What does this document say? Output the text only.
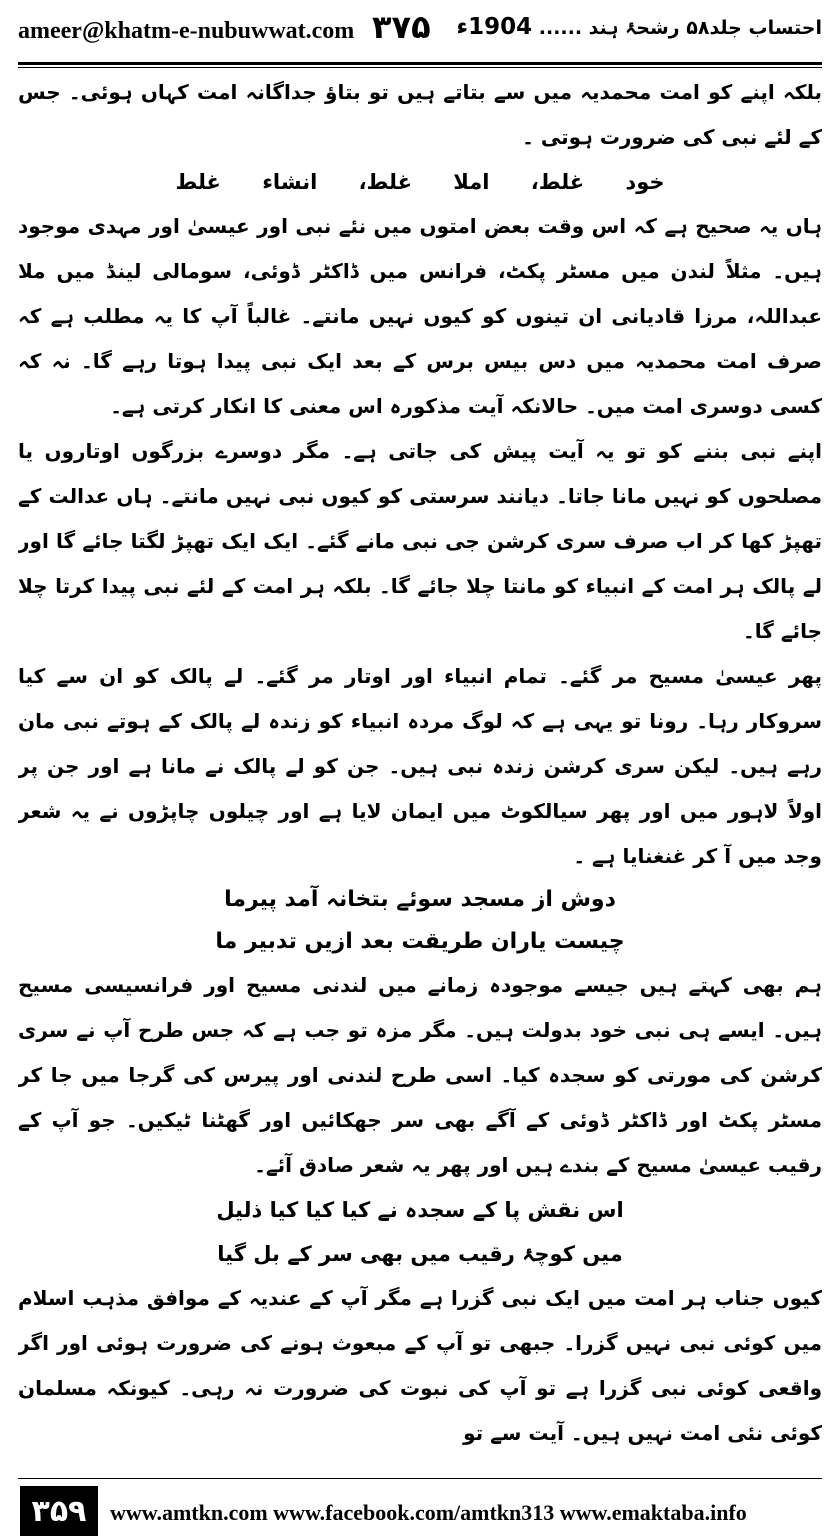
ameer@khatm-e-nubuwwat.com ۳۷۵	احتساب جلد۵۸ رشحۂ ہند ...... 1904ء

بلکہ اپنے کو امت محمدیہ میں سے بتاتے ہیں تو بتاؤ جداگانہ امت کہاں ہوئی۔ جس کے لئے نبی کی ضرورت ہوتی ۔

خود غلط، املا غلط، انشاء غلط

ہاں یہ صحیح ہے کہ اس وقت بعض امتوں میں نئے نبی اور عیسیٰ اور مہدی موجود ہیں۔ مثلاً لندن میں مسٹر پکٹ، فرانس میں ڈاکٹر ڈوئی، سومالی لینڈ میں ملا عبداللہ، مرزا قادیانی ان تینوں کو کیوں نہیں مانتے۔ غالباً آپ کا یہ مطلب ہے کہ صرف امت محمدیہ میں دس بیس برس کے بعد ایک نبی پیدا ہوتا رہے گا۔ نہ کہ کسی دوسری امت میں۔ حالانکہ آیت مذکورہ اس معنی کا انکار کرتی ہے۔

اپنے نبی بننے کو تو یہ آیت پیش کی جاتی ہے۔ مگر دوسرے بزرگوں اوتاروں یا مصلحوں کو نہیں مانا جاتا۔ دیانند سرستی کو کیوں نبی نہیں مانتے۔ ہاں عدالت کے تھپڑ کھا کر اب صرف سری کرشن جی نبی مانے گئے۔ ایک ایک تھپڑ لگتا جائے گا اور لے پالک ہر امت کے انبیاء کو مانتا چلا جائے گا۔ بلکہ ہر امت کے لئے نبی پیدا کرتا چلا جائے گا۔

پھر عیسیٰ مسیح مر گئے۔ تمام انبیاء اور اوتار مر گئے۔ لے پالک کو ان سے کیا سروکار رہا۔ رونا تو یہی ہے کہ لوگ مردہ انبیاء کو زندہ لے پالک کے ہوتے نبی مان رہے ہیں۔ لیکن سری کرشن زندہ نبی ہیں۔ جن کو لے پالک نے مانا ہے اور جن پر اولاً لاہور میں اور پھر سیالکوٹ میں ایمان لایا ہے اور چیلوں چاپڑوں نے یہ شعر وجد میں آ کر غنغنایا ہے ۔

دوش از مسجد سوئے بتخانہ آمد پیرما

چیست یاران طریقت بعد ازیں تدبیر ما

ہم بھی کہتے ہیں جیسے موجودہ زمانے میں لندنی مسیح اور فرانسیسی مسیح ہیں۔ ایسے ہی نبی خود بدولت ہیں۔ مگر مزہ تو جب ہے کہ جس طرح آپ نے سری کرشن کی مورتی کو سجدہ کیا۔ اسی طرح لندنی اور پیرس کی گرجا میں جا کر مسٹر پکٹ اور ڈاکٹر ڈوئی کے آگے بھی سر جھکائیں اور گھٹنا ٹیکیں۔ جو آپ کے رقیب عیسیٰ مسیح کے بندے ہیں اور پھر یہ شعر صادق آئے۔

اس نقش پا کے سجدہ نے کیا کیا کیا ذلیل

میں کوچۂ رقیب میں بھی سر کے بل گیا

کیوں جناب ہر امت میں ایک نبی گزرا ہے مگر آپ کے عندیہ کے موافق مذہب اسلام میں کوئی نبی نہیں گزرا۔ جبھی تو آپ کے مبعوث ہونے کی ضرورت ہوئی اور اگر واقعی کوئی نبی گزرا ہے تو آپ کی نبوت کی ضرورت نہ رہی۔ کیونکہ مسلمان کوئی نئی امت نہیں ہیں۔ آیت سے تو

۳۵۹	www.amtkn.com www.facebook.com/amtkn313 www.emaktaba.info
